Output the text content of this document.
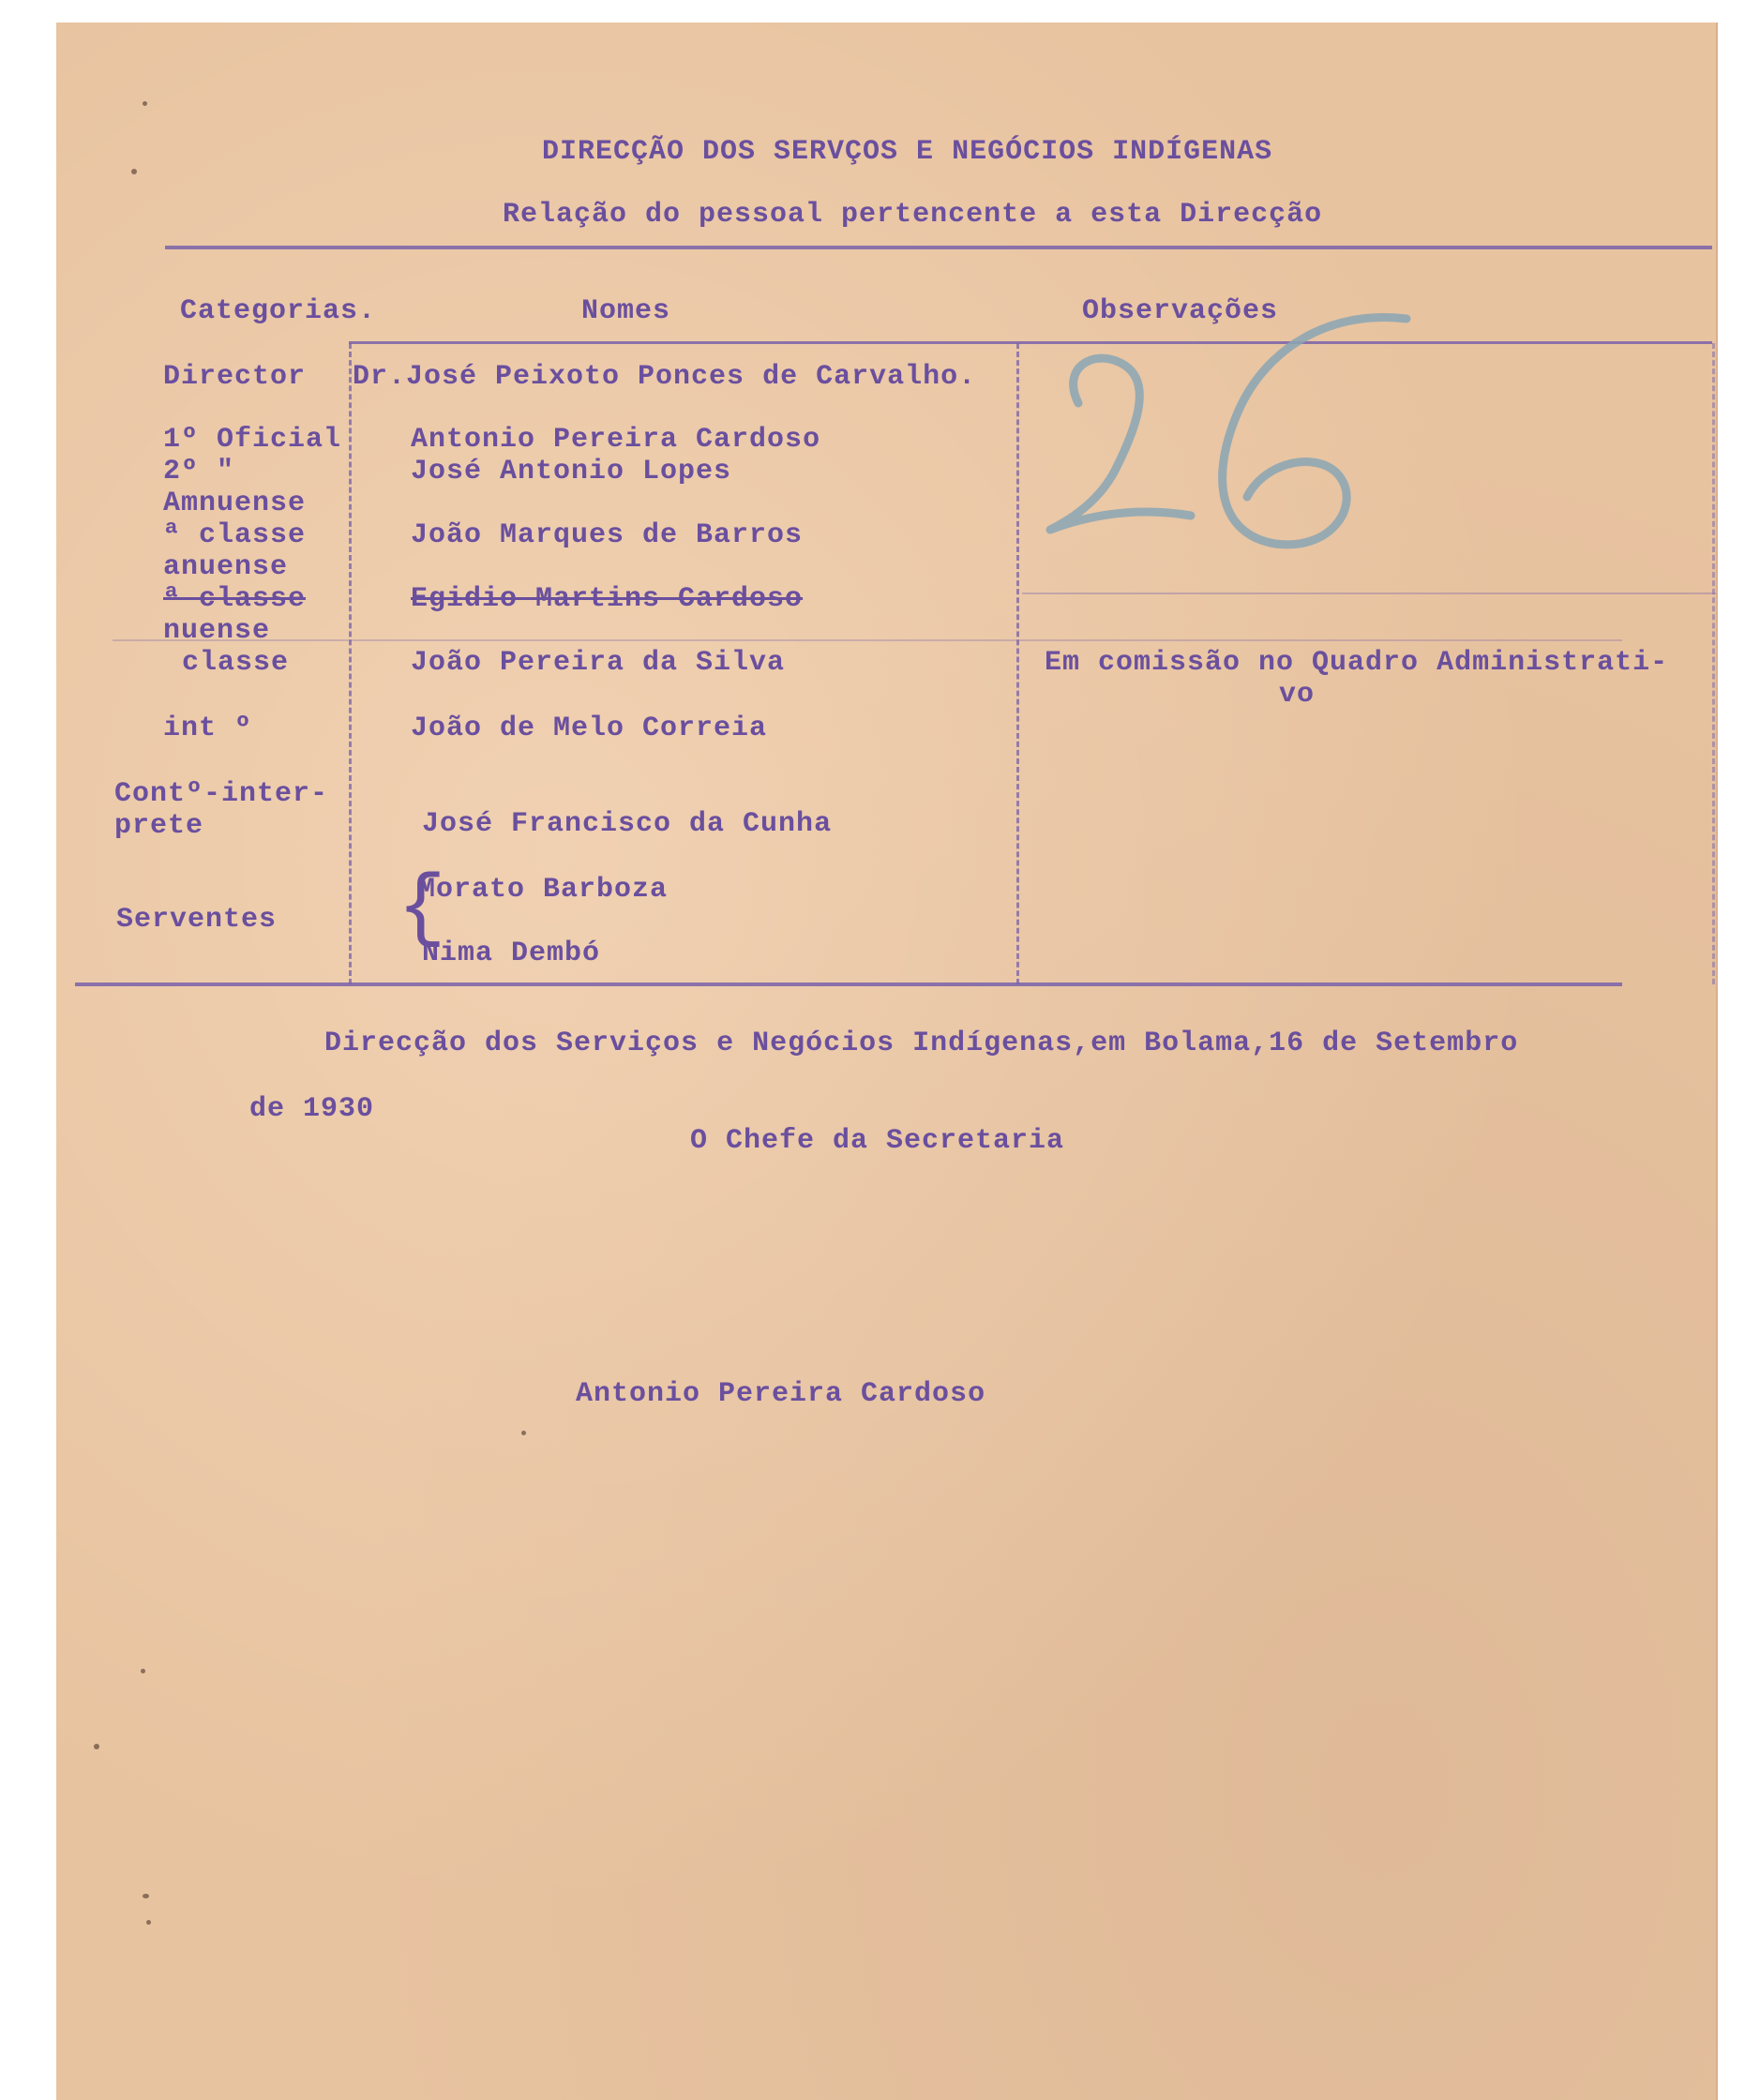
DIRECÇÃO DOS SERVÇOS E NEGÓCIOS INDÍGENAS
Relação do pessoal pertencente a esta Direcção
Categorias.	Nomes	Observações
Director
1º Oficial
2º "
Amnuense
ª classe
anuense
ª classe
nuense
classe
int º
Contº-inter-
prete
Serventes
Dr.José Peixoto Ponces de Carvalho.
Antonio Pereira Cardoso
José Antonio Lopes
João Marques de Barros
Egidio Martins Cardoso
João Pereira da Silva
João de Melo Correia
José Francisco da Cunha
{
Morato Barboza
Nima Dembó
Em comissão no Quadro Administrati-
vo
26
Direcção dos Serviços e Negócios Indígenas,em Bolama,16 de Setembro
de 1930
O Chefe da Secretaria
Antonio Pereira Cardoso
